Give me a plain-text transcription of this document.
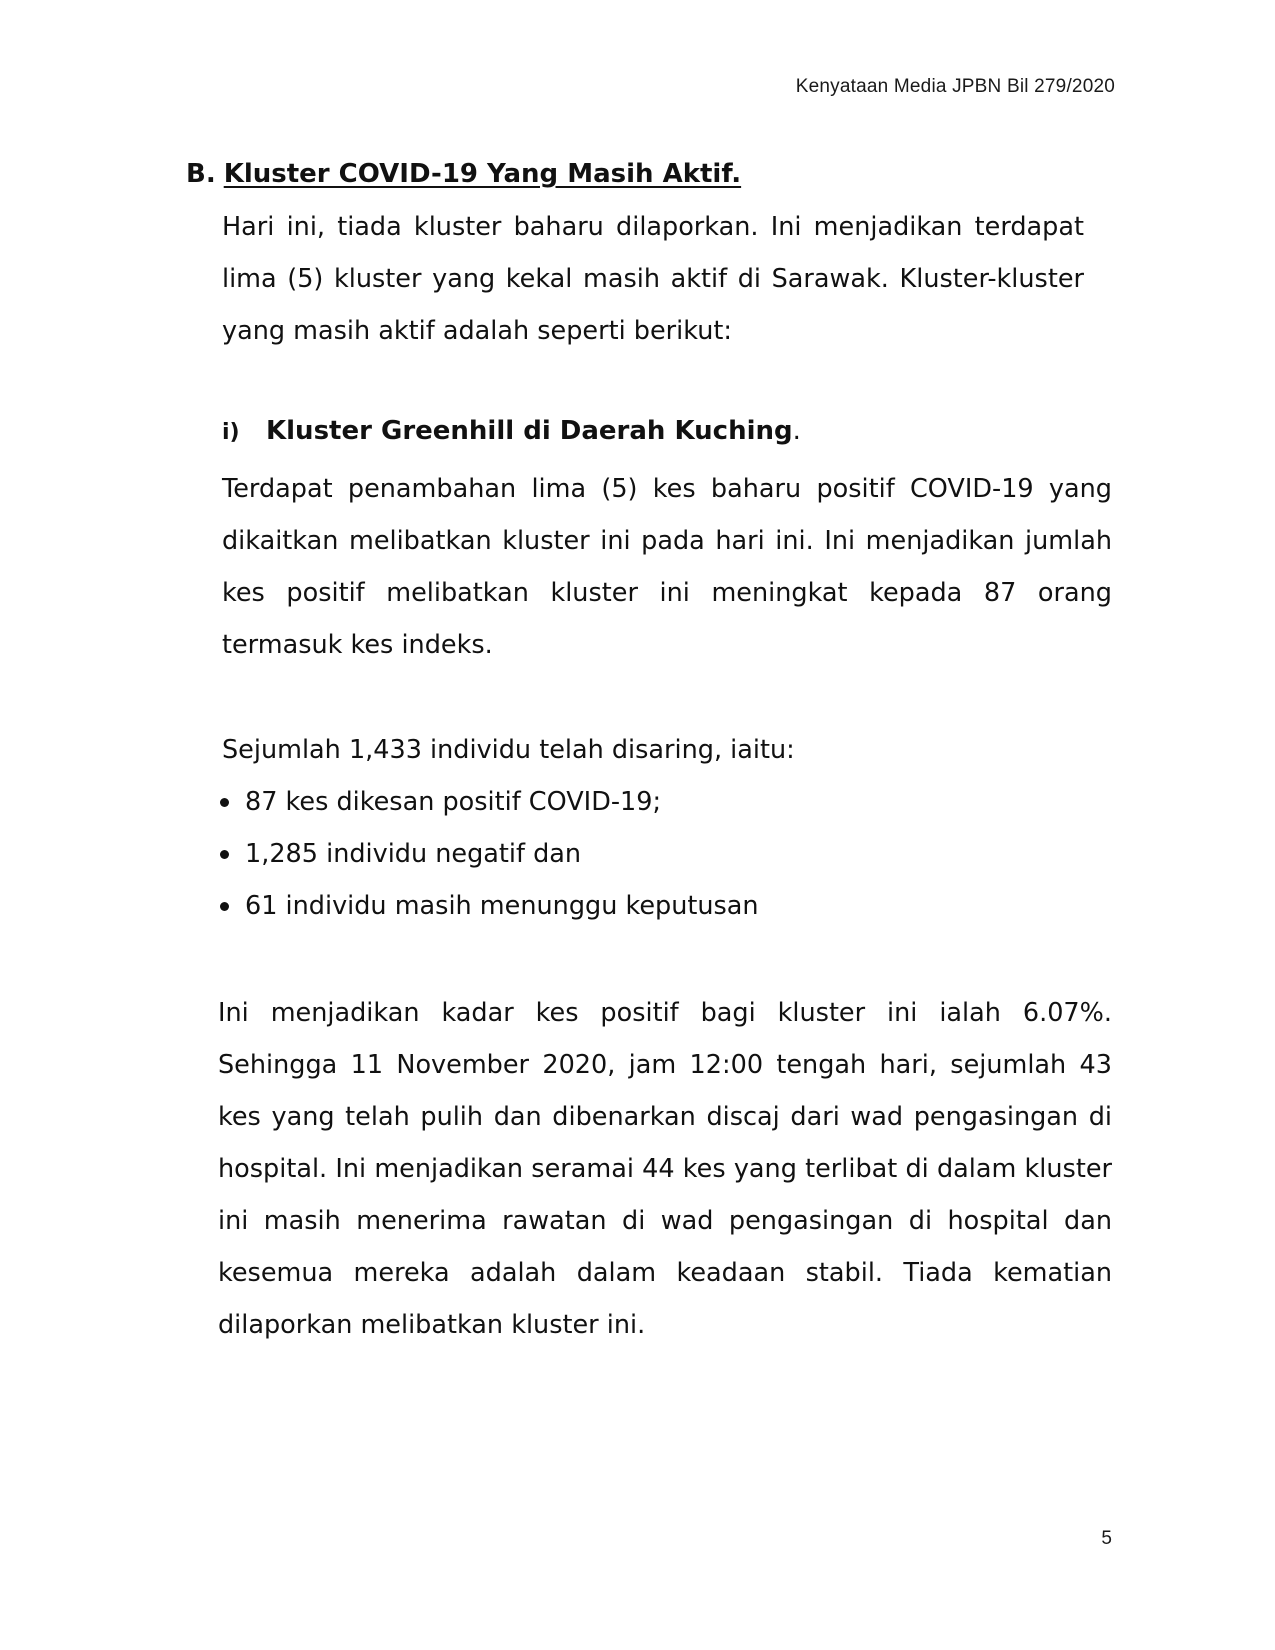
Kenyataan Media JPBN Bil 279/2020
B. Kluster COVID-19 Yang Masih Aktif.

Hari ini, tiada kluster baharu dilaporkan. Ini menjadikan terdapat lima (5) kluster yang kekal masih aktif di Sarawak. Kluster-kluster yang masih aktif adalah seperti berikut:

i) Kluster Greenhill di Daerah Kuching.

Terdapat penambahan lima (5) kes baharu positif COVID-19 yang dikaitkan melibatkan kluster ini pada hari ini. Ini menjadikan jumlah kes positif melibatkan kluster ini meningkat kepada 87 orang termasuk kes indeks.

Sejumlah 1,433 individu telah disaring, iaitu:
87 kes dikesan positif COVID-19;
1,285 individu negatif dan
61 individu masih menunggu keputusan

Ini menjadikan kadar kes positif bagi kluster ini ialah 6.07%. Sehingga 11 November 2020, jam 12:00 tengah hari, sejumlah 43 kes yang telah pulih dan dibenarkan discaj dari wad pengasingan di hospital. Ini menjadikan seramai 44 kes yang terlibat di dalam kluster ini masih menerima rawatan di wad pengasingan di hospital dan kesemua mereka adalah dalam keadaan stabil. Tiada kematian dilaporkan melibatkan kluster ini.

5
